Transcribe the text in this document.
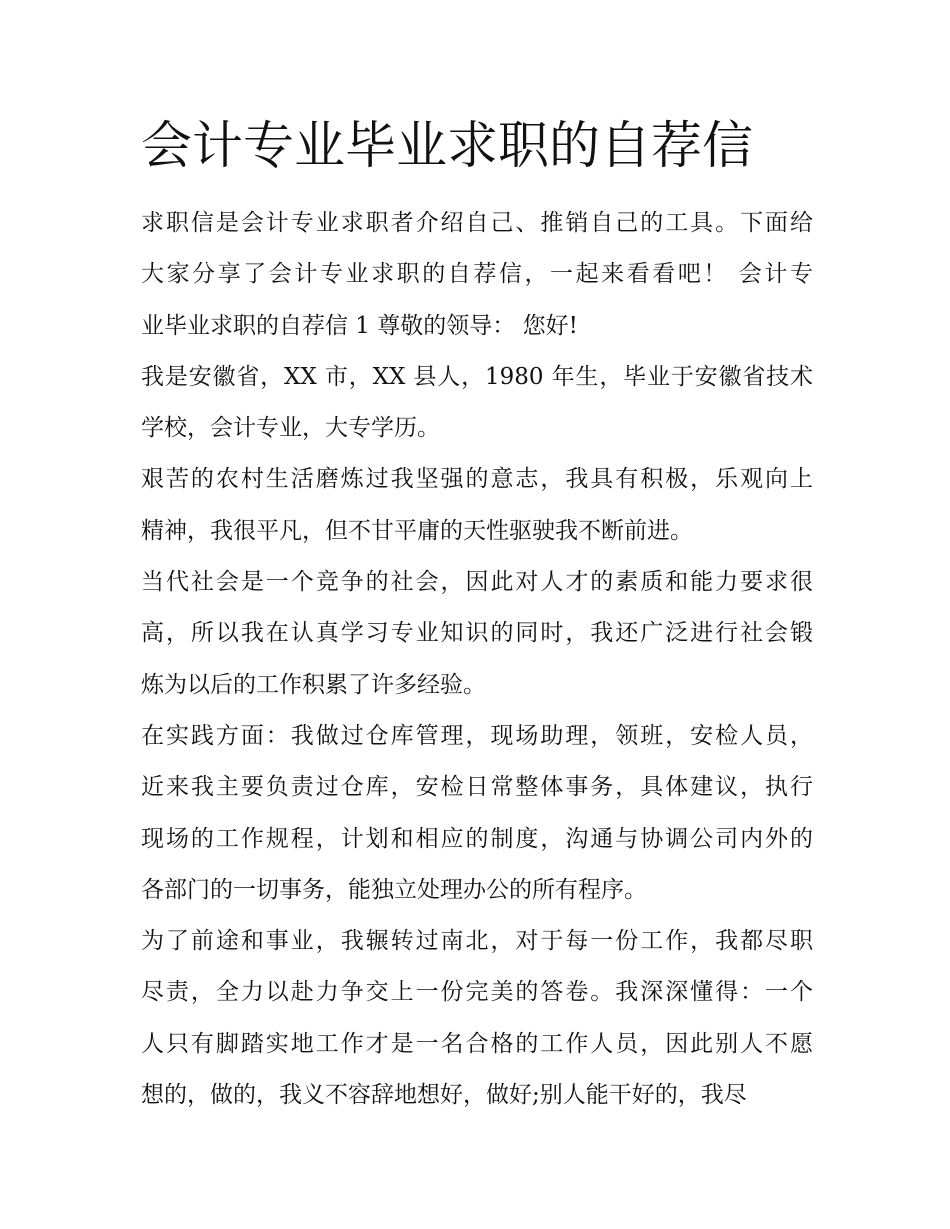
会计专业毕业求职的自荐信
求职信是会计专业求职者介绍自己、推销自己的工具。下面给
大家分享了会计专业求职的自荐信，一起来看看吧！ 会计专
业毕业求职的自荐信 1 尊敬的领导： 您好!
我是安徽省，XX 市，XX 县人，1980 年生，毕业于安徽省技术
学校，会计专业，大专学历。
艰苦的农村生活磨炼过我坚强的意志，我具有积极，乐观向上
精神，我很平凡，但不甘平庸的天性驱驶我不断前进。
当代社会是一个竞争的社会，因此对人才的素质和能力要求很
高，所以我在认真学习专业知识的同时，我还广泛进行社会锻
炼为以后的工作积累了许多经验。
在实践方面：我做过仓库管理，现场助理，领班，安检人员，
近来我主要负责过仓库，安检日常整体事务，具体建议，执行
现场的工作规程，计划和相应的制度，沟通与协调公司内外的
各部门的一切事务，能独立处理办公的所有程序。
为了前途和事业，我辗转过南北，对于每一份工作，我都尽职
尽责，全力以赴力争交上一份完美的答卷。我深深懂得：一个
人只有脚踏实地工作才是一名合格的工作人员，因此别人不愿
想的，做的，我义不容辞地想好，做好;别人能干好的，我尽
